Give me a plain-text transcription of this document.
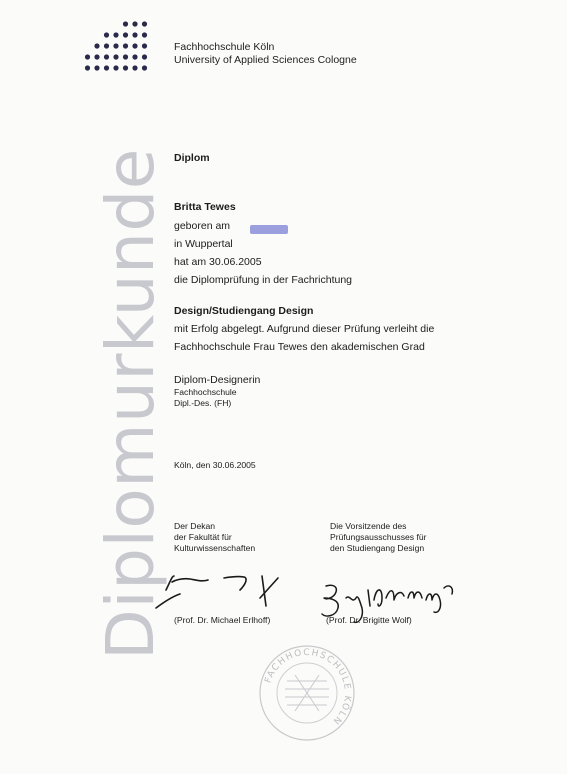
Fachhochschule Köln
University of Applied Sciences Cologne
Diplomurkunde Diplom
Britta Tewes
geboren am
in Wuppertal
hat am 30.06.2005
die Diplomprüfung in der Fachrichtung
Design/Studiengang Design
mit Erfolg abgelegt. Aufgrund dieser Prüfung verleiht die
Fachhochschule Frau Tewes den akademischen Grad
Diplom-Designerin
Fachhochschule
Dipl.-Des. (FH)
Köln, den 30.06.2005
Der Dekan
der Fakultät für
Kulturwissenschaften
Die Vorsitzende des
Prüfungsausschusses für
den Studiengang Design
(Prof. Dr. Michael Erlhoff)	(Prof. Dr. Brigitte Wolf)
FACHHOCHSCHULE KÖLN
